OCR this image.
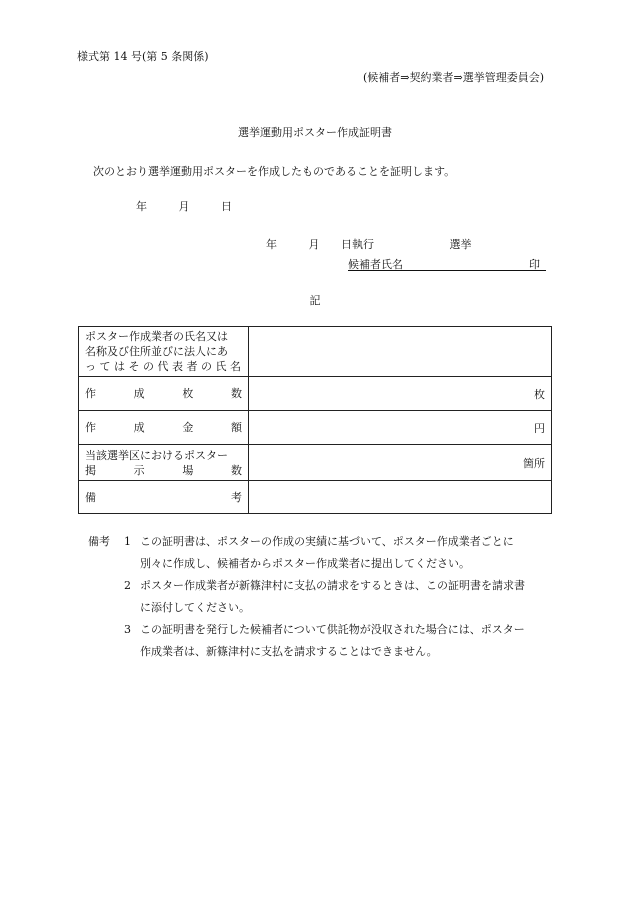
様式第 14 号(第 5 条関係)
(候補者⇒契約業者⇒選挙管理委員会)
選挙運動用ポスター作成証明書
次のとおり選挙運動用ポスターを作成したものであることを証明します。
年	月	日
年	月 日執行	選挙
候補者氏名	印
記
ポスター作成業者の氏名又は
名称及び住所並びに法人にあ
っ て は そ の 代 表 者 の 氏 名	

作 成 枚 数	枚

作 成 金 額	円

当該選挙区におけるポスター
掲 示 場 数	箇所

備 考	

備考 1 この証明書は、ポスターの作成の実績に基づいて、ポスター作成業者ごとに
別々に作成し、候補者からポスター作成業者に提出してください。
2 ポスター作成業者が新篠津村に支払の請求をするときは、この証明書を請求書
に添付してください。
3 この証明書を発行した候補者について供託物が没収された場合には、ポスター
作成業者は、新篠津村に支払を請求することはできません。
